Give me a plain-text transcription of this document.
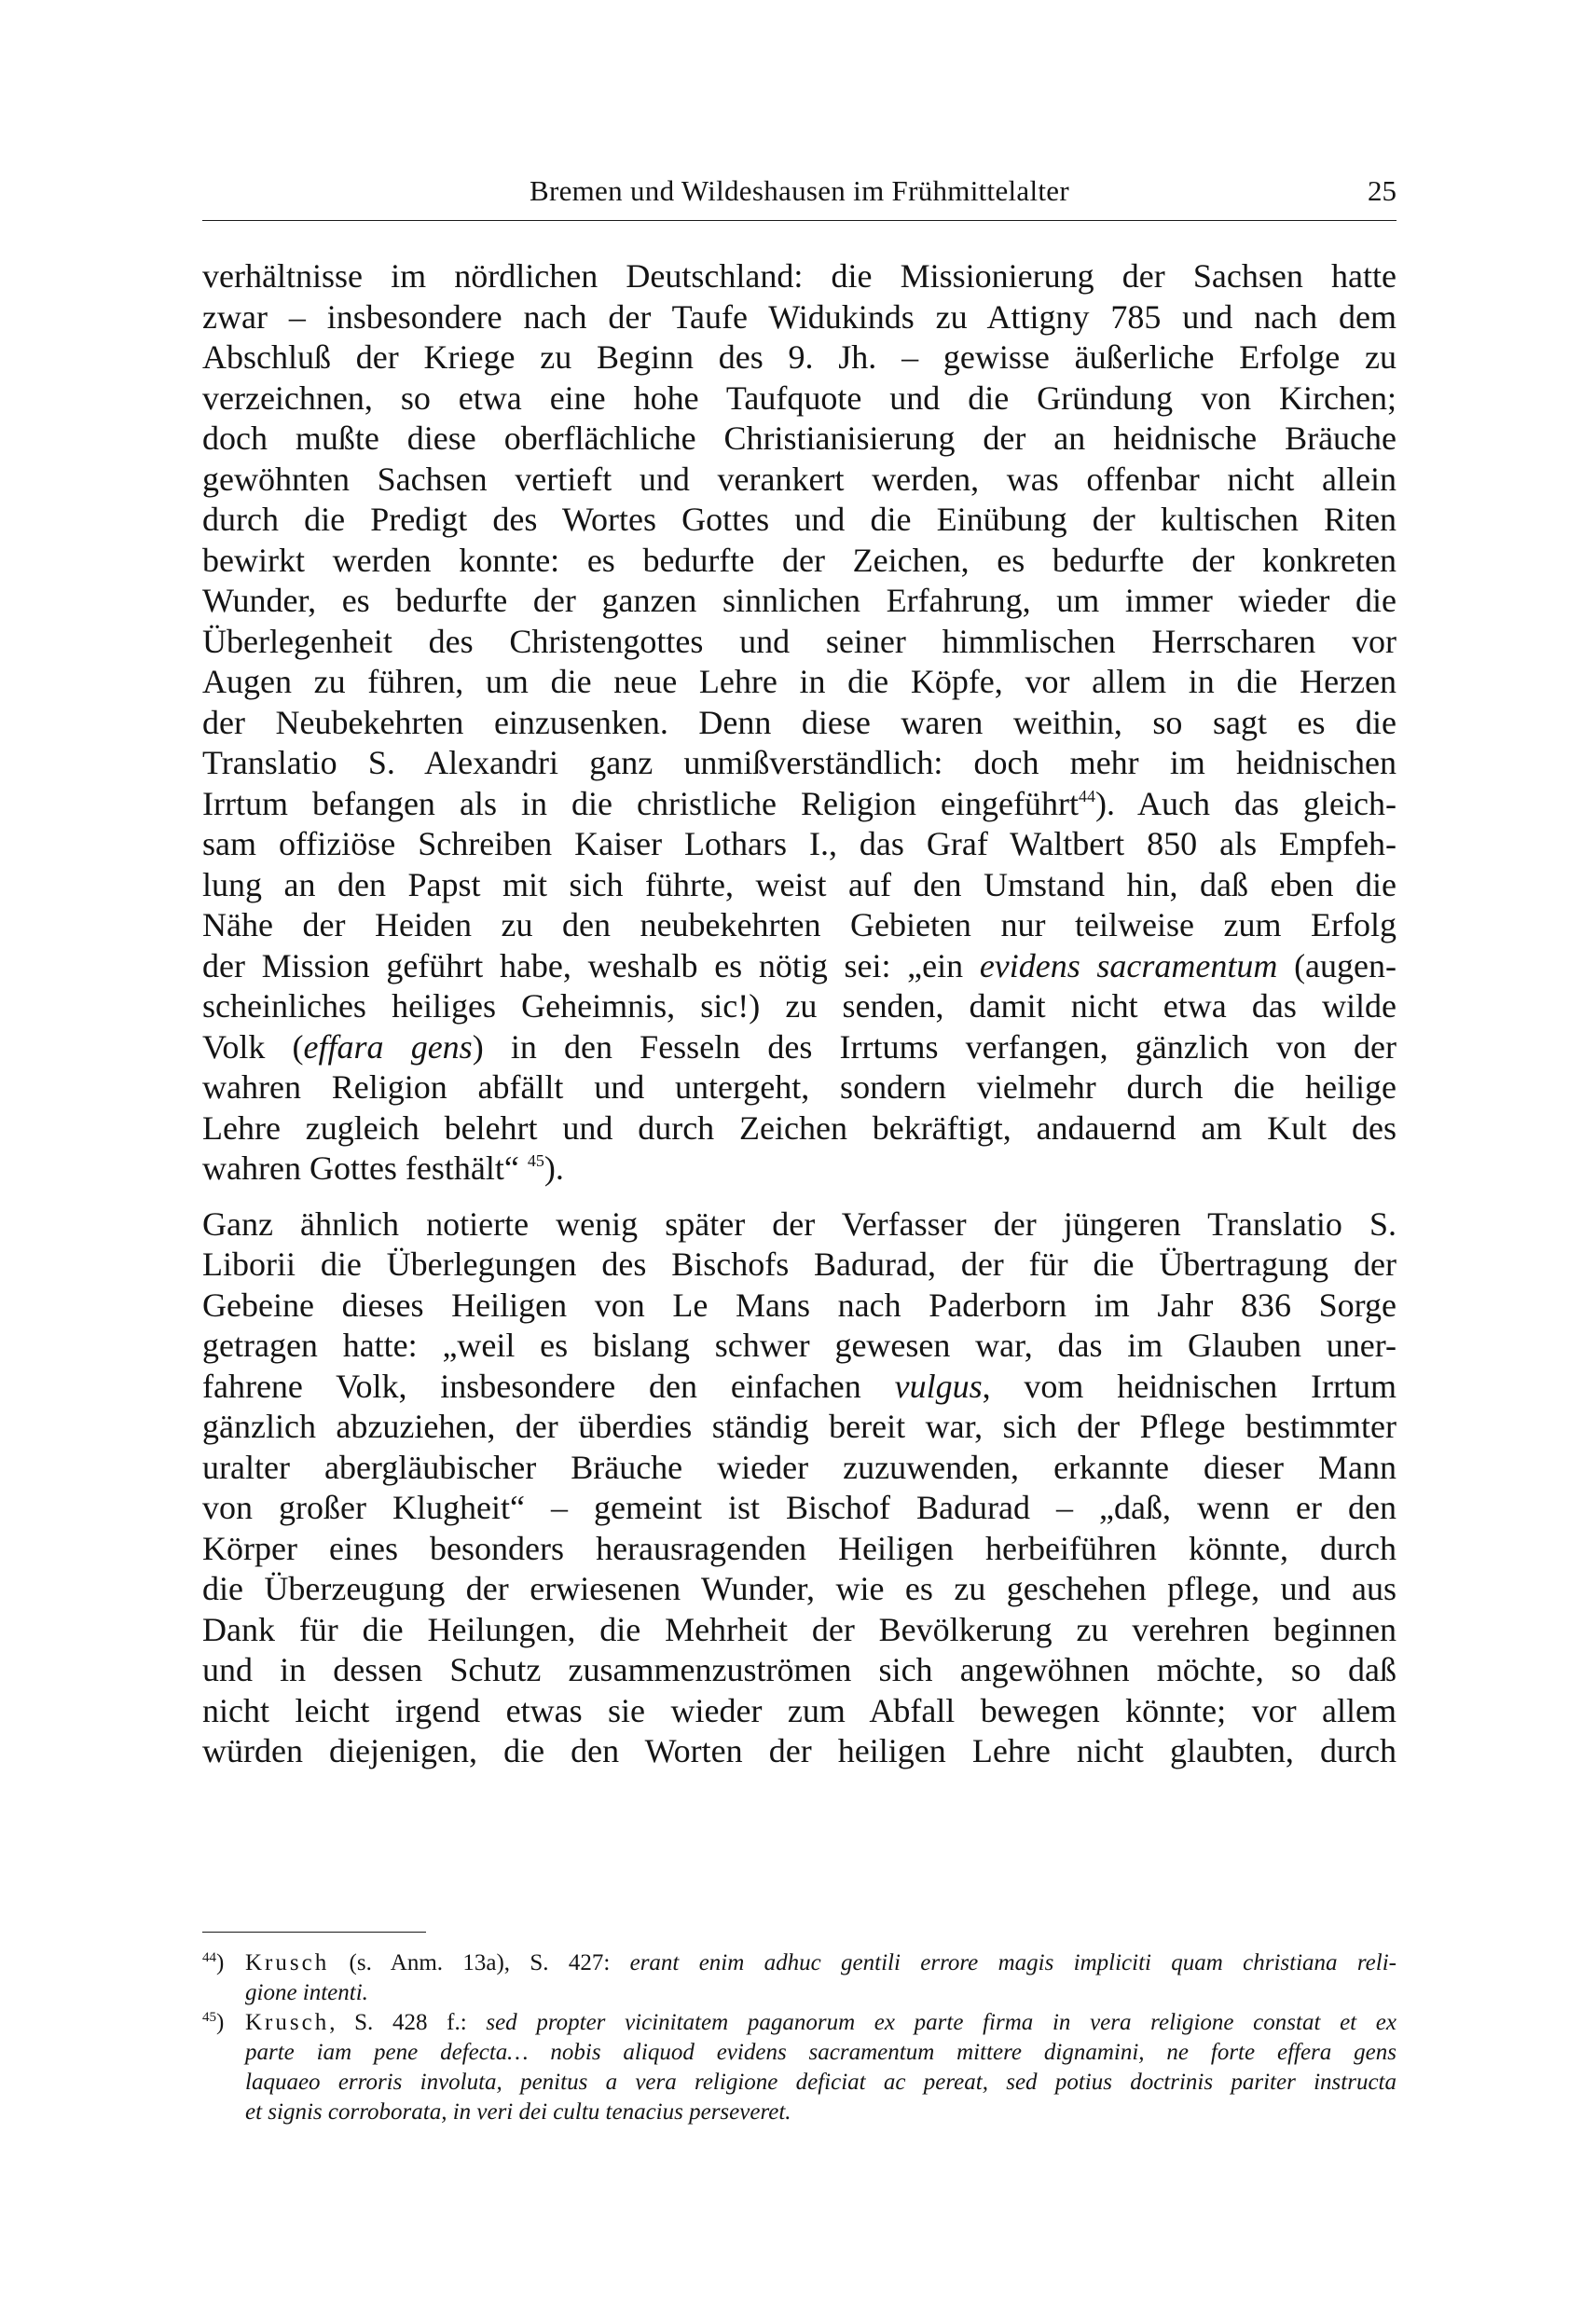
Bremen und Wildeshausen im Frühmittelalter	25

verhältnisse im nördlichen Deutschland: die Missionierung der Sachsen hatte
zwar – insbesondere nach der Taufe Widukinds zu Attigny 785 und nach dem
Abschluß der Kriege zu Beginn des 9. Jh. – gewisse äußerliche Erfolge zu
verzeichnen, so etwa eine hohe Taufquote und die Gründung von Kirchen;
doch mußte diese oberflächliche Christianisierung der an heidnische Bräuche
gewöhnten Sachsen vertieft und verankert werden, was offenbar nicht allein
durch die Predigt des Wortes Gottes und die Einübung der kultischen Riten
bewirkt werden konnte: es bedurfte der Zeichen, es bedurfte der konkreten
Wunder, es bedurfte der ganzen sinnlichen Erfahrung, um immer wieder die
Überlegenheit des Christengottes und seiner himmlischen Herrscharen vor
Augen zu führen, um die neue Lehre in die Köpfe, vor allem in die Herzen
der Neubekehrten einzusenken. Denn diese waren weithin, so sagt es die
Translatio S. Alexandri ganz unmißverständlich: doch mehr im heidnischen
Irrtum befangen als in die christliche Religion eingeführt$^{44}$). Auch das gleich-
sam offiziöse Schreiben Kaiser Lothars I., das Graf Waltbert 850 als Empfeh-
lung an den Papst mit sich führte, weist auf den Umstand hin, daß eben die
Nähe der Heiden zu den neubekehrten Gebieten nur teilweise zum Erfolg
der Mission geführt habe, weshalb es nötig sei: „ein evidens sacramentum (augen-
scheinliches heiliges Geheimnis, sic!) zu senden, damit nicht etwa das wilde
Volk (effara gens) in den Fesseln des Irrtums verfangen, gänzlich von der
wahren Religion abfällt und untergeht, sondern vielmehr durch die heilige
Lehre zugleich belehrt und durch Zeichen bekräftigt, andauernd am Kult des
wahren Gottes festhält“ $^{45}$).

Ganz ähnlich notierte wenig später der Verfasser der jüngeren Translatio S.
Liborii die Überlegungen des Bischofs Badurad, der für die Übertragung der
Gebeine dieses Heiligen von Le Mans nach Paderborn im Jahr 836 Sorge
getragen hatte: „weil es bislang schwer gewesen war, das im Glauben uner-
fahrene Volk, insbesondere den einfachen vulgus, vom heidnischen Irrtum
gänzlich abzuziehen, der überdies ständig bereit war, sich der Pflege bestimmter
uralter abergläubischer Bräuche wieder zuzuwenden, erkannte dieser Mann
von großer Klugheit“ – gemeint ist Bischof Badurad – „daß, wenn er den
Körper eines besonders herausragenden Heiligen herbeiführen könnte, durch
die Überzeugung der erwiesenen Wunder, wie es zu geschehen pflege, und aus
Dank für die Heilungen, die Mehrheit der Bevölkerung zu verehren beginnen
und in dessen Schutz zusammenzuströmen sich angewöhnen möchte, so daß
nicht leicht irgend etwas sie wieder zum Abfall bewegen könnte; vor allem
würden diejenigen, die den Worten der heiligen Lehre nicht glaubten, durch

$^{44}$) Krusch (s. Anm. 13a), S. 427: erant enim adhuc gentili errore magis impliciti quam christiana reli-
gione intenti.
$^{45}$) Krusch, S. 428 f.: sed propter vicinitatem paganorum ex parte firma in vera religione constat et ex
parte iam pene defecta… nobis aliquod evidens sacramentum mittere dignamini, ne forte effera gens
laquaeo erroris involuta, penitus a vera religione deficiat ac pereat, sed potius doctrinis pariter instructa
et signis corroborata, in veri dei cultu tenacius perseveret.
